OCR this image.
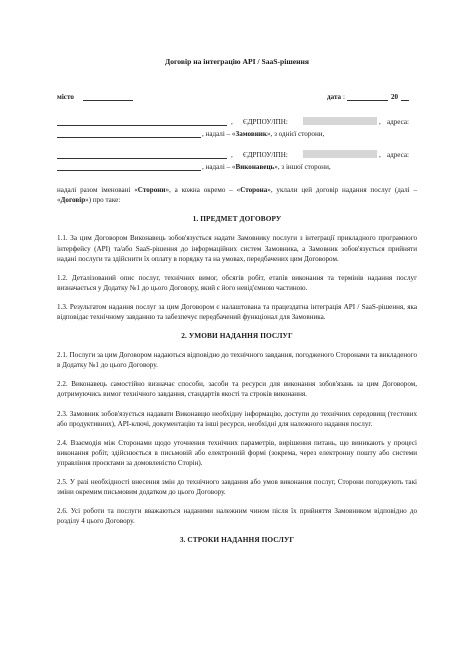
Договір на інтеграцію API / SaaS-рішення
місто	дата :	20
, ЄДРПОУ/ІПН:	, адреса:
, надалі – «Замовник», з однієї сторони,
, ЄДРПОУ/ІПН:	, адреса:
, надалі – «Виконавець», з іншої сторони,

надалі разом іменовані «Сторони», а кожна окремо – «Сторона», уклали цей договір надання послуг (далі – «Договір») про таке:

1. ПРЕДМЕТ ДОГОВОРУ

1.1. За цим Договором Виконавець зобов'язується надати Замовнику послуги з інтеграції прикладного програмного інтерфейсу (API) та/або SaaS-рішення до інформаційних систем Замовника, а Замовник зобов'язується прийняти надані послуги та здійснити їх оплату в порядку та на умовах, передбачених цим Договором.

1.2. Деталізований опис послуг, технічних вимог, обсягів робіт, етапів виконання та термінів надання послуг визначається у Додатку №1 до цього Договору, який є його невід'ємною частиною.

1.3. Результатом надання послуг за цим Договором є налаштована та працездатна інтеграція API / SaaS-рішення, яка відповідає технічному завданню та забезпечує передбачений функціонал для Замовника.

2. УМОВИ НАДАННЯ ПОСЛУГ

2.1. Послуги за цим Договором надаються відповідно до технічного завдання, погодженого Сторонами та викладеного в Додатку №1 до цього Договору.

2.2. Виконавець самостійно визначає способи, засоби та ресурси для виконання зобов'язань за цим Договором, дотримуючись вимог технічного завдання, стандартів якості та строків виконання.

2.3. Замовник зобов'язується надавати Виконавцю необхідну інформацію, доступи до технічних середовищ (тестових або продуктивних), API-ключі, документацію та інші ресурси, необхідні для належного надання послуг.

2.4. Взаємодія між Сторонами щодо уточнення технічних параметрів, вирішення питань, що виникають у процесі виконання робіт, здійснюється в письмовій або електронній формі (зокрема, через електронну пошту або системи управління проєктами за домовленістю Сторін).

2.5. У разі необхідності внесення змін до технічного завдання або умов виконання послуг, Сторони погоджують такі зміни окремим письмовим додатком до цього Договору.

2.6. Усі роботи та послуги вважаються наданими належним чином після їх прийняття Замовником відповідно до розділу 4 цього Договору.

3. СТРОКИ НАДАННЯ ПОСЛУГ
